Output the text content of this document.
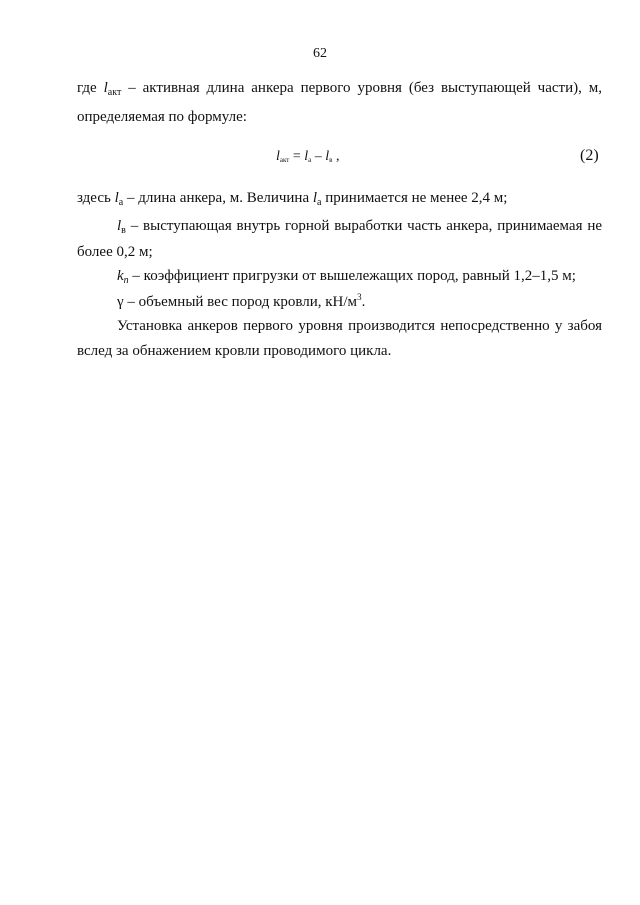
62
где $l_{акт}$ – активная длина анкера первого уровня (без выступающей части), м,
определяемая по формуле:
$l_{акт} = l_а - l_в$ ,	(2)
здесь $l_а$ – длина анкера, м. Величина $l_а$ принимается не менее 2,4 м;
$l_в$ – выступающая внутрь горной выработки часть анкера, принимаемая не
более 0,2 м;
$k_п$ – коэффициент пригрузки от вышележащих пород, равный 1,2–1,5 м;
γ – объемный вес пород кровли, $кН/м^3$.
Установка анкеров первого уровня производится непосредственно у забоя
вслед за обнажением кровли проводимого цикла.
